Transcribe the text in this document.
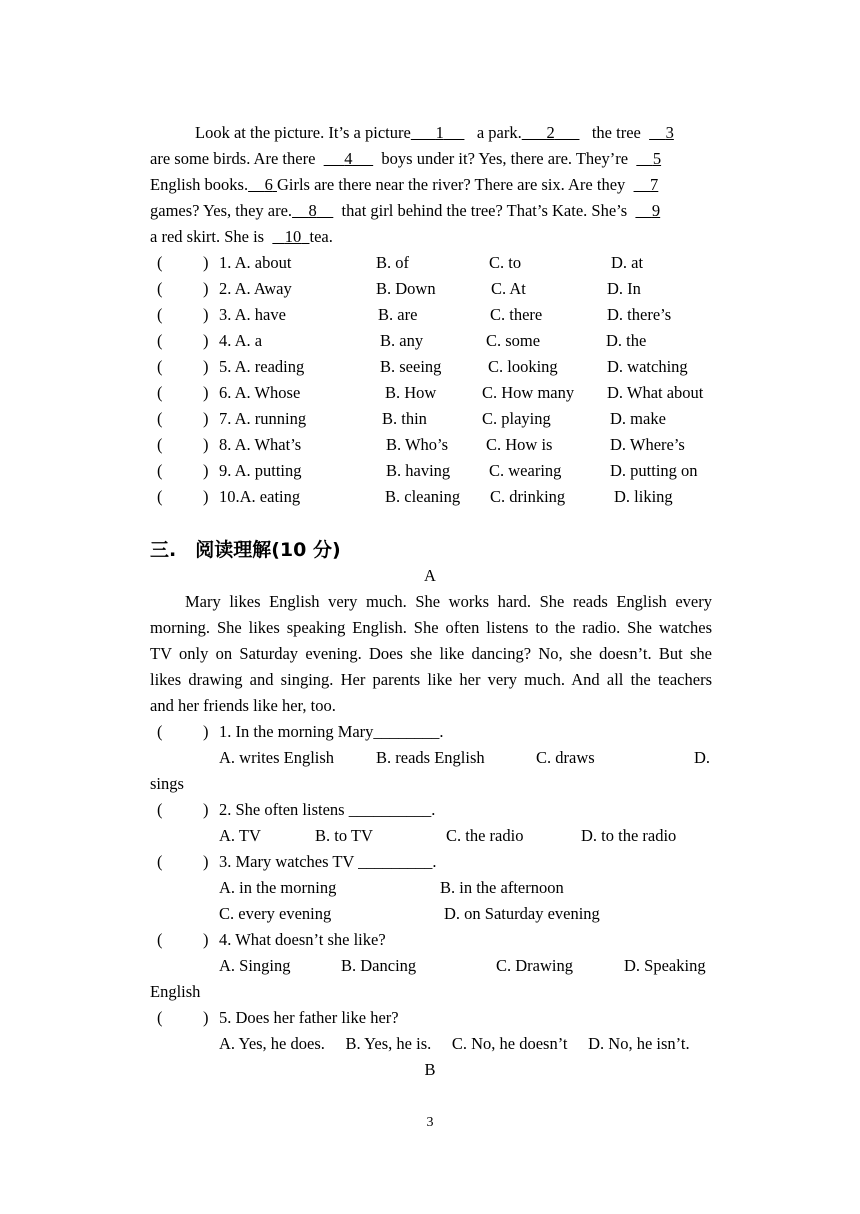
Look at the picture. It’s a picture 1 a park. 2 the tree 3
are some birds. Are there 4 boys under it? Yes, there are. They’re 5
English books. 6 Girls are there near the river? There are six. Are they 7
games? Yes, they are. 8 that girl behind the tree? That’s Kate. She’s 9
a red skirt. She is 10 tea.
( ) 1. A. about	B. of	C. to	D. at
( ) 2. A. Away	B. Down	C. At	D. In
( ) 3. A. have	B. are	C. there	D. there’s
( ) 4. A. a	B. any	C. some	D. the
( ) 5. A. reading	B. seeing	C. looking	D. watching
( ) 6. A. Whose	B. How	C. How many D. What about
( ) 7. A. running	B. thin	C. playing	D. make
( ) 8. A. What’s	B. Who’s C. How is	D. Where’s
( ) 9. A. putting	B. having C. wearing	D. putting on
( ) 10.A. eating	B. cleaning C. drinking	D. liking
三.　阅读理解(10 分)
A
Mary likes English very much. She works hard. She reads English every
morning. She likes speaking English. She often listens to the radio. She watches
TV only on Saturday evening. Does she like dancing? No, she doesn’t. But she
likes drawing and singing. Her parents like her very much. And all the teachers
and her friends like her, too.
( ) 1. In the morning Mary________.
A. writes English	B. reads English	C. draws	D.
sings
( ) 2. She often listens __________.
A. TV	B. to TV	C. the radio	D. to the radio
( ) 3. Mary watches TV _________.
A. in the morning	B. in the afternoon
C. every evening	D. on Saturday evening
( ) 4. What doesn’t she like?
A. Singing	B. Dancing	C. Drawing	D. Speaking
English
( ) 5. Does her father like her?
A. Yes, he does.　 B. Yes, he is.　 C. No, he doesn’t　 D. No, he isn’t.
B
3
